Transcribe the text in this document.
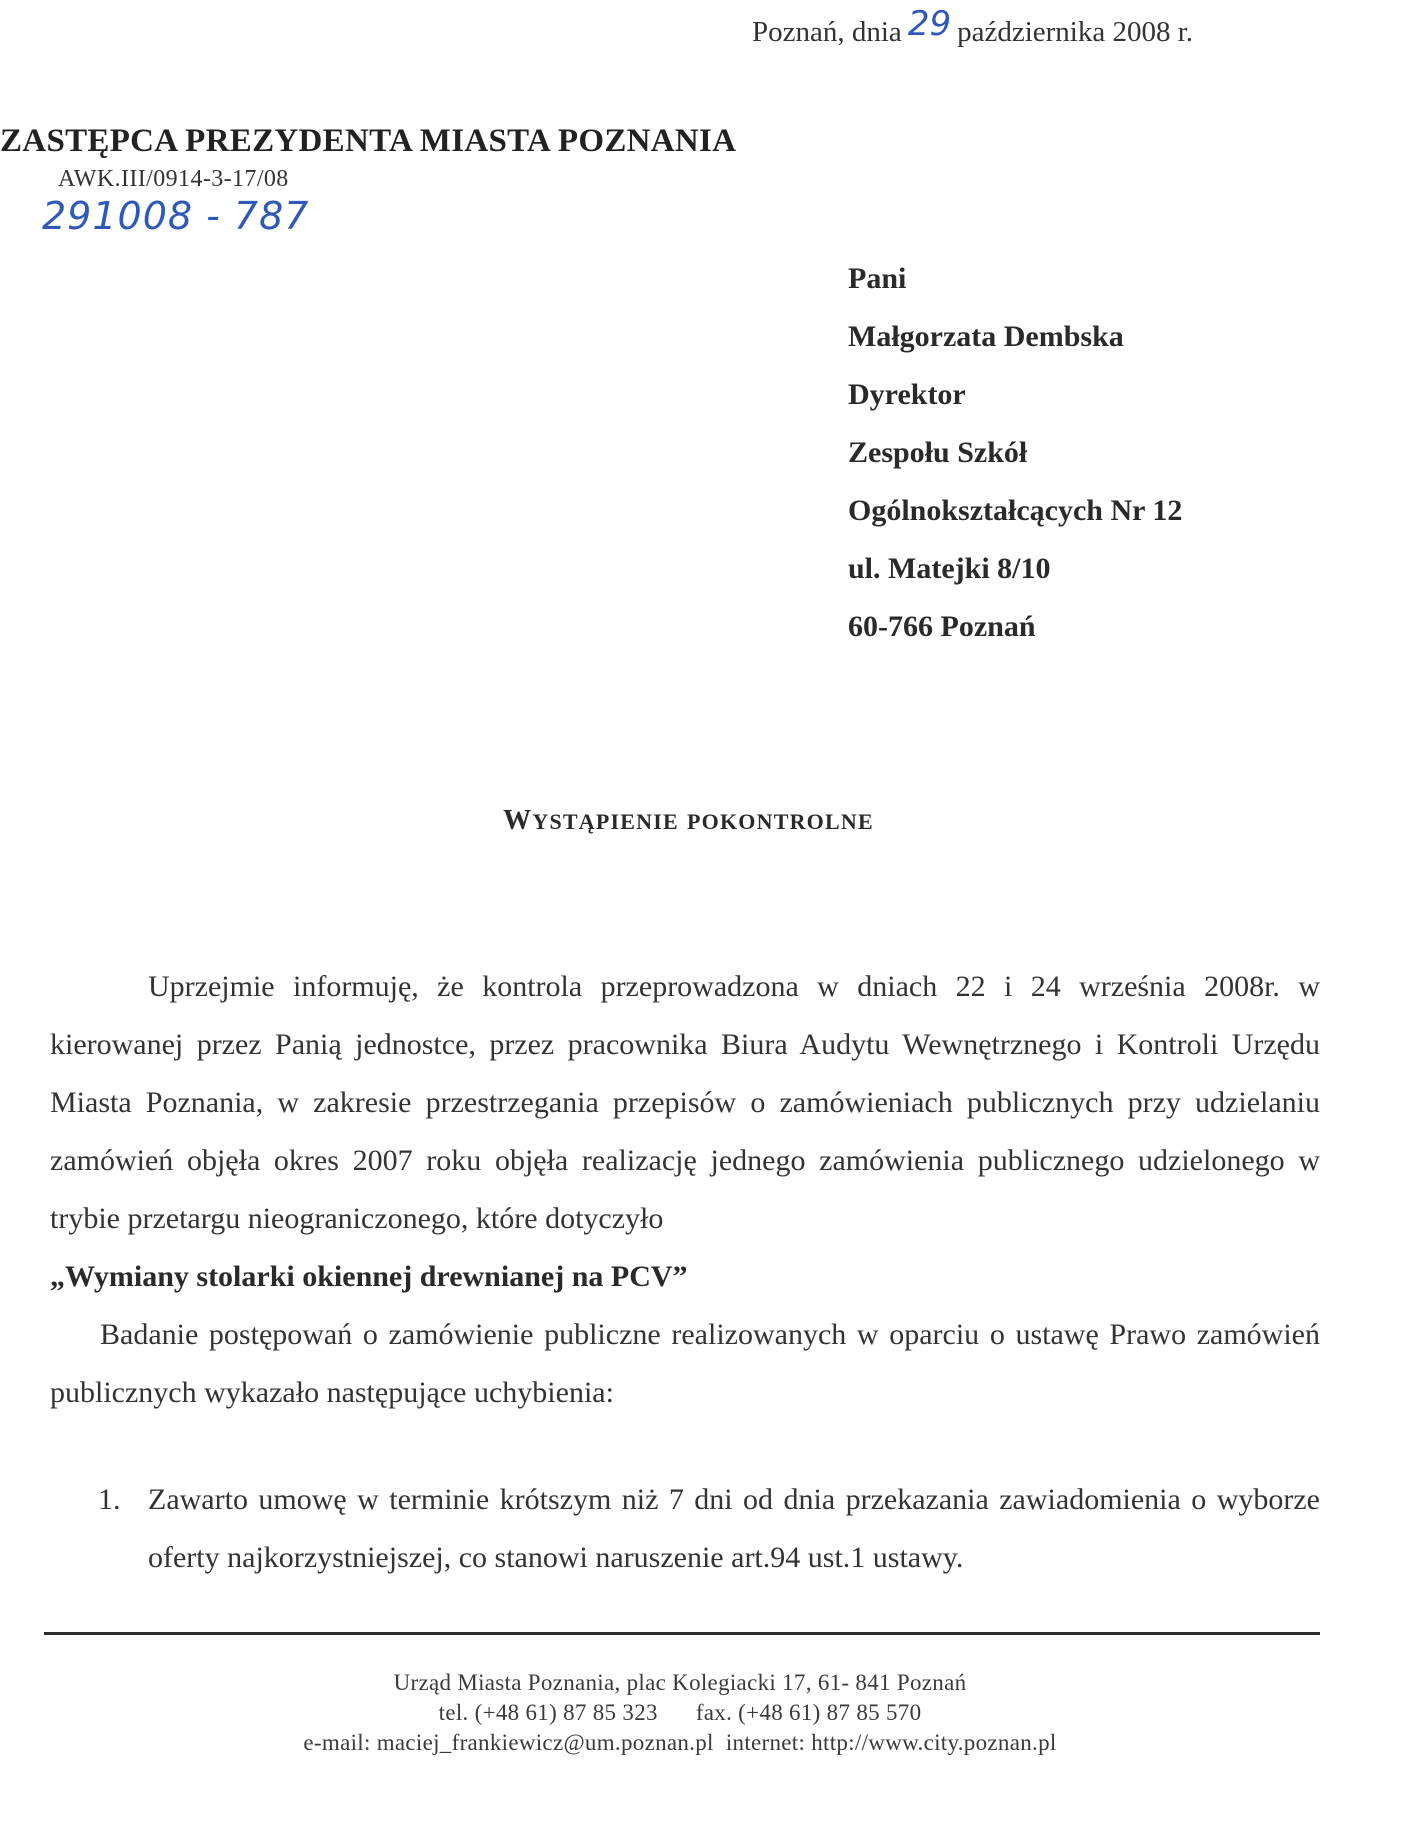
Poznań, dnia 29 października 2008 r.
ZASTĘPCA PREZYDENTA MIASTA POZNANIA
AWK.III/0914-3-17/08
291008 - 787
Pani
Małgorzata Dembska
Dyrektor
Zespołu Szkół
Ogólnokształcących Nr 12
ul. Matejki 8/10
60-766 Poznań
WYSTĄPIENIE POKONTROLNE

Uprzejmie informuję, że kontrola przeprowadzona w dniach 22 i 24 września 2008r. w kierowanej przez Panią jednostce, przez pracownika Biura Audytu Wewnętrznego i Kontroli Urzędu Miasta Poznania, w zakresie przestrzegania przepisów o zamówieniach publicznych przy udzielaniu zamówień objęła okres 2007 roku objęła realizację jednego zamówienia publicznego udzielonego w trybie przetargu nieograniczonego, które dotyczyło

„Wymiany stolarki okiennej drewnianej na PCV”

Badanie postępowań o zamówienie publiczne realizowanych w oparciu o ustawę Prawo zamówień publicznych wykazało następujące uchybienia:

1. Zawarto umowę w terminie krótszym niż 7 dni od dnia przekazania zawiadomienia o wyborze oferty najkorzystniejszej, co stanowi naruszenie art.94 ust.1 ustawy.
Urząd Miasta Poznania, plac Kolegiacki 17, 61- 841 Poznań
tel. (+48 61) 87 85 323 fax. (+48 61) 87 85 570
e-mail: maciej_frankiewicz@um.poznan.pl internet: http://www.city.poznan.pl
